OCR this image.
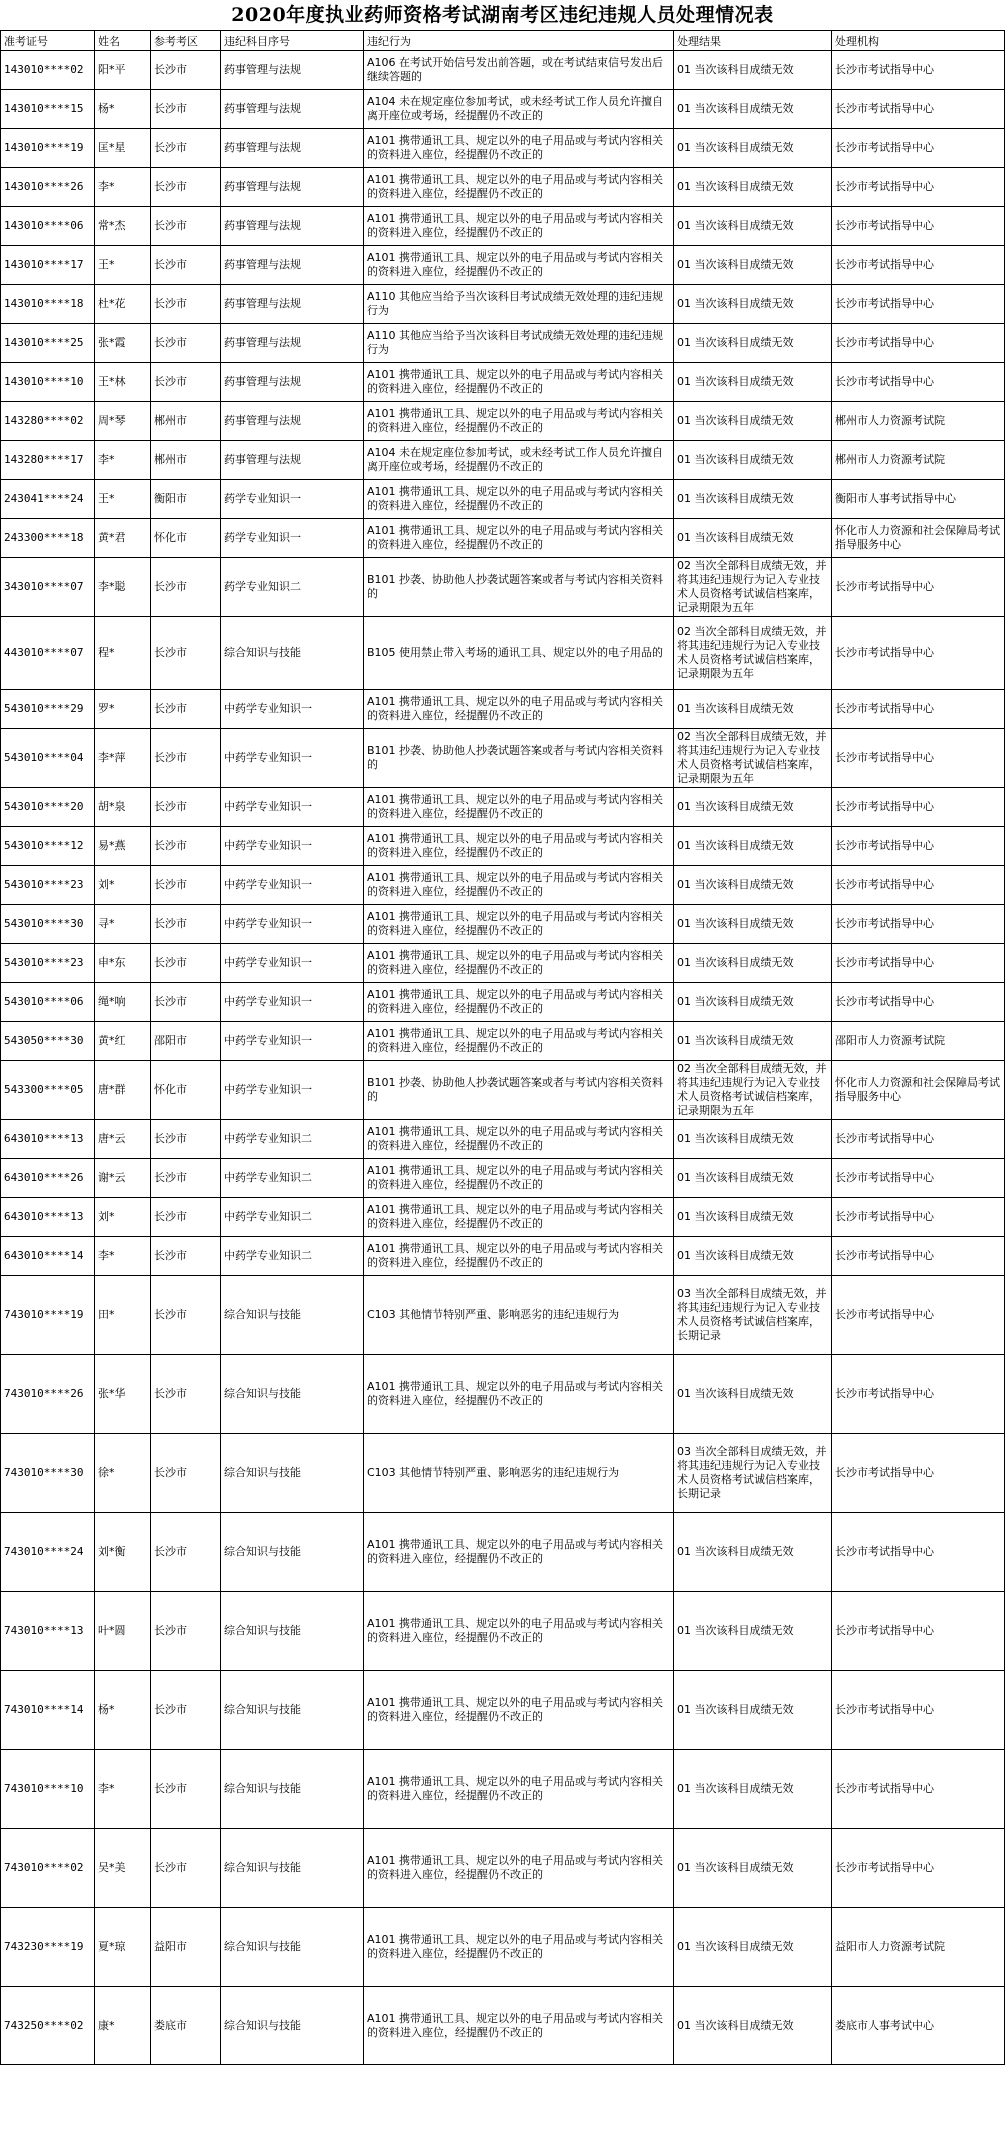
2020年度执业药师资格考试湖南考区违纪违规人员处理情况表
准考证号	姓名	参考考区	违纪科目序号	违纪行为	处理结果	处理机构
143010****02	阳*平	长沙市	药事管理与法规	A106 在考试开始信号发出前答题，或在考试结束信号发出后继续答题的	01 当次该科目成绩无效	长沙市考试指导中心
143010****15	杨*	长沙市	药事管理与法规	A104 未在规定座位参加考试，或未经考试工作人员允许擅自离开座位或考场，经提醒仍不改正的	01 当次该科目成绩无效	长沙市考试指导中心
143010****19	匡*星	长沙市	药事管理与法规	A101 携带通讯工具、规定以外的电子用品或与考试内容相关的资料进入座位，经提醒仍不改正的	01 当次该科目成绩无效	长沙市考试指导中心
143010****26	李*	长沙市	药事管理与法规	A101 携带通讯工具、规定以外的电子用品或与考试内容相关的资料进入座位，经提醒仍不改正的	01 当次该科目成绩无效	长沙市考试指导中心
143010****06	常*杰	长沙市	药事管理与法规	A101 携带通讯工具、规定以外的电子用品或与考试内容相关的资料进入座位，经提醒仍不改正的	01 当次该科目成绩无效	长沙市考试指导中心
143010****17	王*	长沙市	药事管理与法规	A101 携带通讯工具、规定以外的电子用品或与考试内容相关的资料进入座位，经提醒仍不改正的	01 当次该科目成绩无效	长沙市考试指导中心
143010****18	杜*花	长沙市	药事管理与法规	A110 其他应当给予当次该科目考试成绩无效处理的违纪违规行为	01 当次该科目成绩无效	长沙市考试指导中心
143010****25	张*霞	长沙市	药事管理与法规	A110 其他应当给予当次该科目考试成绩无效处理的违纪违规行为	01 当次该科目成绩无效	长沙市考试指导中心
143010****10	王*林	长沙市	药事管理与法规	A101 携带通讯工具、规定以外的电子用品或与考试内容相关的资料进入座位，经提醒仍不改正的	01 当次该科目成绩无效	长沙市考试指导中心
143280****02	周*琴	郴州市	药事管理与法规	A101 携带通讯工具、规定以外的电子用品或与考试内容相关的资料进入座位，经提醒仍不改正的	01 当次该科目成绩无效	郴州市人力资源考试院
143280****17	李*	郴州市	药事管理与法规	A104 未在规定座位参加考试，或未经考试工作人员允许擅自离开座位或考场，经提醒仍不改正的	01 当次该科目成绩无效	郴州市人力资源考试院
243041****24	王*	衡阳市	药学专业知识一	A101 携带通讯工具、规定以外的电子用品或与考试内容相关的资料进入座位，经提醒仍不改正的	01 当次该科目成绩无效	衡阳市人事考试指导中心
243300****18	黄*君	怀化市	药学专业知识一	A101 携带通讯工具、规定以外的电子用品或与考试内容相关的资料进入座位，经提醒仍不改正的	01 当次该科目成绩无效	怀化市人力资源和社会保障局考试指导服务中心
343010****07	李*聪	长沙市	药学专业知识二	B101 抄袭、协助他人抄袭试题答案或者与考试内容相关资料的	02 当次全部科目成绩无效，并将其违纪违规行为记入专业技术人员资格考试诚信档案库，记录期限为五年	长沙市考试指导中心
443010****07	程*	长沙市	综合知识与技能	B105 使用禁止带入考场的通讯工具、规定以外的电子用品的	02 当次全部科目成绩无效，并将其违纪违规行为记入专业技术人员资格考试诚信档案库，记录期限为五年	长沙市考试指导中心
543010****29	罗*	长沙市	中药学专业知识一	A101 携带通讯工具、规定以外的电子用品或与考试内容相关的资料进入座位，经提醒仍不改正的	01 当次该科目成绩无效	长沙市考试指导中心
543010****04	李*萍	长沙市	中药学专业知识一	B101 抄袭、协助他人抄袭试题答案或者与考试内容相关资料的	02 当次全部科目成绩无效，并将其违纪违规行为记入专业技术人员资格考试诚信档案库，记录期限为五年	长沙市考试指导中心
543010****20	胡*泉	长沙市	中药学专业知识一	A101 携带通讯工具、规定以外的电子用品或与考试内容相关的资料进入座位，经提醒仍不改正的	01 当次该科目成绩无效	长沙市考试指导中心
543010****12	易*燕	长沙市	中药学专业知识一	A101 携带通讯工具、规定以外的电子用品或与考试内容相关的资料进入座位，经提醒仍不改正的	01 当次该科目成绩无效	长沙市考试指导中心
543010****23	刘*	长沙市	中药学专业知识一	A101 携带通讯工具、规定以外的电子用品或与考试内容相关的资料进入座位，经提醒仍不改正的	01 当次该科目成绩无效	长沙市考试指导中心
543010****30	寻*	长沙市	中药学专业知识一	A101 携带通讯工具、规定以外的电子用品或与考试内容相关的资料进入座位，经提醒仍不改正的	01 当次该科目成绩无效	长沙市考试指导中心
543010****23	申*东	长沙市	中药学专业知识一	A101 携带通讯工具、规定以外的电子用品或与考试内容相关的资料进入座位，经提醒仍不改正的	01 当次该科目成绩无效	长沙市考试指导中心
543010****06	绳*响	长沙市	中药学专业知识一	A101 携带通讯工具、规定以外的电子用品或与考试内容相关的资料进入座位，经提醒仍不改正的	01 当次该科目成绩无效	长沙市考试指导中心
543050****30	黄*红	邵阳市	中药学专业知识一	A101 携带通讯工具、规定以外的电子用品或与考试内容相关的资料进入座位，经提醒仍不改正的	01 当次该科目成绩无效	邵阳市人力资源考试院
543300****05	唐*群	怀化市	中药学专业知识一	B101 抄袭、协助他人抄袭试题答案或者与考试内容相关资料的	02 当次全部科目成绩无效，并将其违纪违规行为记入专业技术人员资格考试诚信档案库，记录期限为五年	怀化市人力资源和社会保障局考试指导服务中心
643010****13	唐*云	长沙市	中药学专业知识二	A101 携带通讯工具、规定以外的电子用品或与考试内容相关的资料进入座位，经提醒仍不改正的	01 当次该科目成绩无效	长沙市考试指导中心
643010****26	谢*云	长沙市	中药学专业知识二	A101 携带通讯工具、规定以外的电子用品或与考试内容相关的资料进入座位，经提醒仍不改正的	01 当次该科目成绩无效	长沙市考试指导中心
643010****13	刘*	长沙市	中药学专业知识二	A101 携带通讯工具、规定以外的电子用品或与考试内容相关的资料进入座位，经提醒仍不改正的	01 当次该科目成绩无效	长沙市考试指导中心
643010****14	李*	长沙市	中药学专业知识二	A101 携带通讯工具、规定以外的电子用品或与考试内容相关的资料进入座位，经提醒仍不改正的	01 当次该科目成绩无效	长沙市考试指导中心
743010****19	田*	长沙市	综合知识与技能	C103 其他情节特别严重、影响恶劣的违纪违规行为	03 当次全部科目成绩无效，并将其违纪违规行为记入专业技术人员资格考试诚信档案库，长期记录	长沙市考试指导中心
743010****26	张*华	长沙市	综合知识与技能	A101 携带通讯工具、规定以外的电子用品或与考试内容相关的资料进入座位，经提醒仍不改正的	01 当次该科目成绩无效	长沙市考试指导中心
743010****30	徐*	长沙市	综合知识与技能	C103 其他情节特别严重、影响恶劣的违纪违规行为	03 当次全部科目成绩无效，并将其违纪违规行为记入专业技术人员资格考试诚信档案库，长期记录	长沙市考试指导中心
743010****24	刘*衡	长沙市	综合知识与技能	A101 携带通讯工具、规定以外的电子用品或与考试内容相关的资料进入座位，经提醒仍不改正的	01 当次该科目成绩无效	长沙市考试指导中心
743010****13	叶*圆	长沙市	综合知识与技能	A101 携带通讯工具、规定以外的电子用品或与考试内容相关的资料进入座位，经提醒仍不改正的	01 当次该科目成绩无效	长沙市考试指导中心
743010****14	杨*	长沙市	综合知识与技能	A101 携带通讯工具、规定以外的电子用品或与考试内容相关的资料进入座位，经提醒仍不改正的	01 当次该科目成绩无效	长沙市考试指导中心
743010****10	李*	长沙市	综合知识与技能	A101 携带通讯工具、规定以外的电子用品或与考试内容相关的资料进入座位，经提醒仍不改正的	01 当次该科目成绩无效	长沙市考试指导中心
743010****02	吴*美	长沙市	综合知识与技能	A101 携带通讯工具、规定以外的电子用品或与考试内容相关的资料进入座位，经提醒仍不改正的	01 当次该科目成绩无效	长沙市考试指导中心
743230****19	夏*琼	益阳市	综合知识与技能	A101 携带通讯工具、规定以外的电子用品或与考试内容相关的资料进入座位，经提醒仍不改正的	01 当次该科目成绩无效	益阳市人力资源考试院
743250****02	康*	娄底市	综合知识与技能	A101 携带通讯工具、规定以外的电子用品或与考试内容相关的资料进入座位，经提醒仍不改正的	01 当次该科目成绩无效	娄底市人事考试中心
